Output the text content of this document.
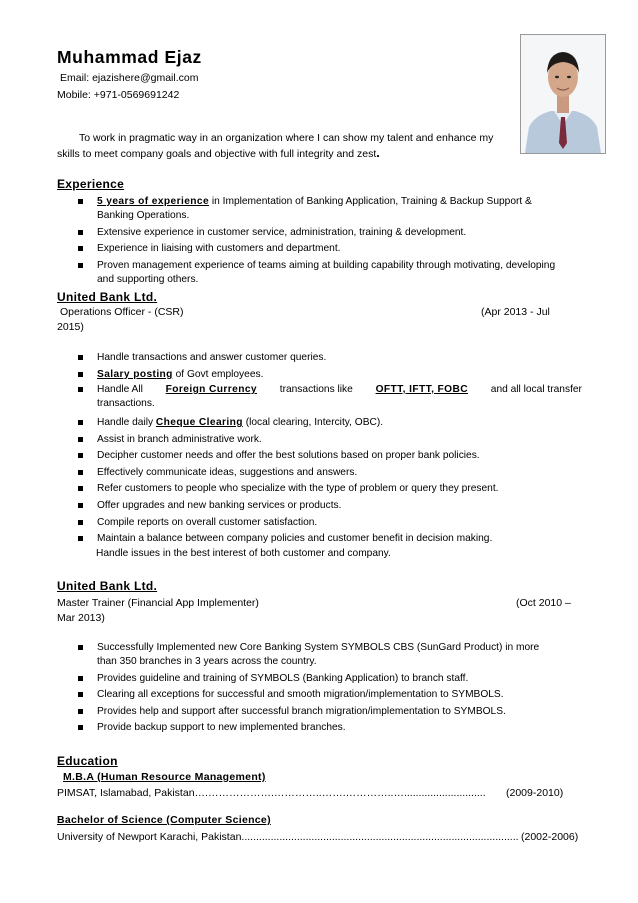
Muhammad Ejaz
Email: ejazishere@gmail.com
Mobile: +971-0569691242
To work in pragmatic way in an organization where I can show my talent and enhance my
skills to meet company goals and objective with full integrity and zest.
Experience
5 years of experience in Implementation of Banking Application, Training & Backup Support &
Banking Operations.
Extensive experience in customer service, administration, training & development.
Experience in liaising with customers and department.
Proven management experience of teams aiming at building capability through motivating, developing
and supporting others.
United Bank Ltd.
Operations Officer - (CSR)	(Apr 2013 - Jul
2015)
Handle transactions and answer customer queries.
Salary posting of Govt employees.
Handle All Foreign Currency transactions like OFTT, IFTT, FOBC and all local transfer
transactions.
Handle daily Cheque Clearing (local clearing, Intercity, OBC).
Assist in branch administrative work.
Decipher customer needs and offer the best solutions based on proper bank policies.
Effectively communicate ideas, suggestions and answers.
Refer customers to people who specialize with the type of problem or query they present.
Offer upgrades and new banking services or products.
Compile reports on overall customer satisfaction.
Maintain a balance between company policies and customer benefit in decision making.
Handle issues in the best interest of both customer and company.
United Bank Ltd.
Master Trainer (Financial App Implementer)	(Oct 2010 –
Mar 2013)
Successfully Implemented new Core Banking System SYMBOLS CBS (SunGard Product) in more
than 350 branches in 3 years across the country.
Provides guideline and training of SYMBOLS (Banking Application) to branch staff.
Clearing all exceptions for successful and smooth migration/implementation to SYMBOLS.
Provides help and support after successful branch migration/implementation to SYMBOLS.
Provide backup support to new implemented branches.
Education
M.B.A (Human Resource Management)
PIMSAT, Islamabad, Pakistan….……………….…………..…….…………..…............................	(2009-2010)
Bachelor of Science (Computer Science)
University of Newport Karachi, Pakistan............................................................................................... (2002-2006)
